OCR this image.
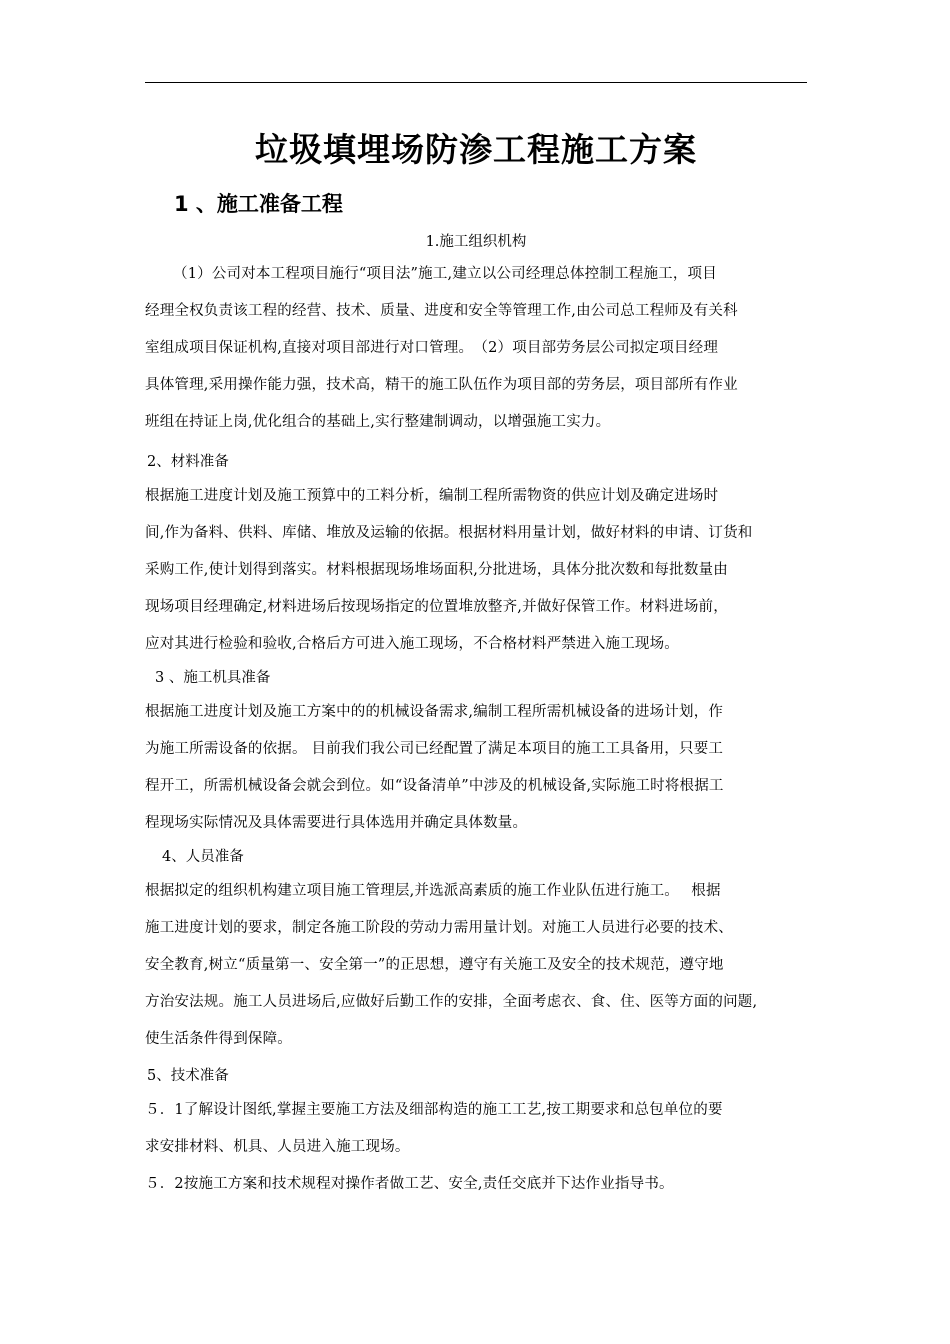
垃圾填埋场防渗工程施工方案
1 、施工准备工程
1.施工组织机构
（1）公司对本工程项目施行“项目法”施工,建立以公司经理总体控制工程施工，项目
经理全权负责该工程的经营、技术、质量、进度和安全等管理工作,由公司总工程师及有关科
室组成项目保证机构,直接对项目部进行对口管理。　（2）项目部劳务层公司拟定项目经理
具体管理,采用操作能力强，技术高，精干的施工队伍作为项目部的劳务层，项目部所有作业
班组在持证上岗,优化组合的基础上,实行整建制调动，以增强施工实力。
2、材料准备
根据施工进度计划及施工预算中的工料分析，编制工程所需物资的供应计划及确定进场时
间,作为备料、供料、库储、堆放及运输的依据。根据材料用量计划，做好材料的申请、订货和
采购工作,使计划得到落实。材料根据现场堆场面积,分批进场，具体分批次数和每批数量由
现场项目经理确定,材料进场后按现场指定的位置堆放整齐,并做好保管工作。材料进场前，
应对其进行检验和验收,合格后方可进入施工现场，不合格材料严禁进入施工现场。
3 、施工机具准备
根据施工进度计划及施工方案中的的机械设备需求,编制工程所需机械设备的进场计划，作
为施工所需设备的依据。 目前我们我公司已经配置了满足本项目的施工工具备用，只要工
程开工，所需机械设备会就会到位。如“设备清单”中涉及的机械设备,实际施工时将根据工
程现场实际情况及具体需要进行具体选用并确定具体数量。
4、人员准备
根据拟定的组织机构建立项目施工管理层,并选派高素质的施工作业队伍进行施工。　 根据
施工进度计划的要求，制定各施工阶段的劳动力需用量计划。对施工人员进行必要的技术、
安全教育,树立“质量第一、安全第一”的正思想，遵守有关施工及安全的技术规范，遵守地
方治安法规。施工人员进场后,应做好后勤工作的安排，全面考虑衣、食、住、医等方面的问题,
使生活条件得到保障。
5、技术准备
５．1了解设计图纸,掌握主要施工方法及细部构造的施工工艺,按工期要求和总包单位的要
求安排材料、机具、人员进入施工现场。
５．2按施工方案和技术规程对操作者做工艺、安全,责任交底并下达作业指导书。
